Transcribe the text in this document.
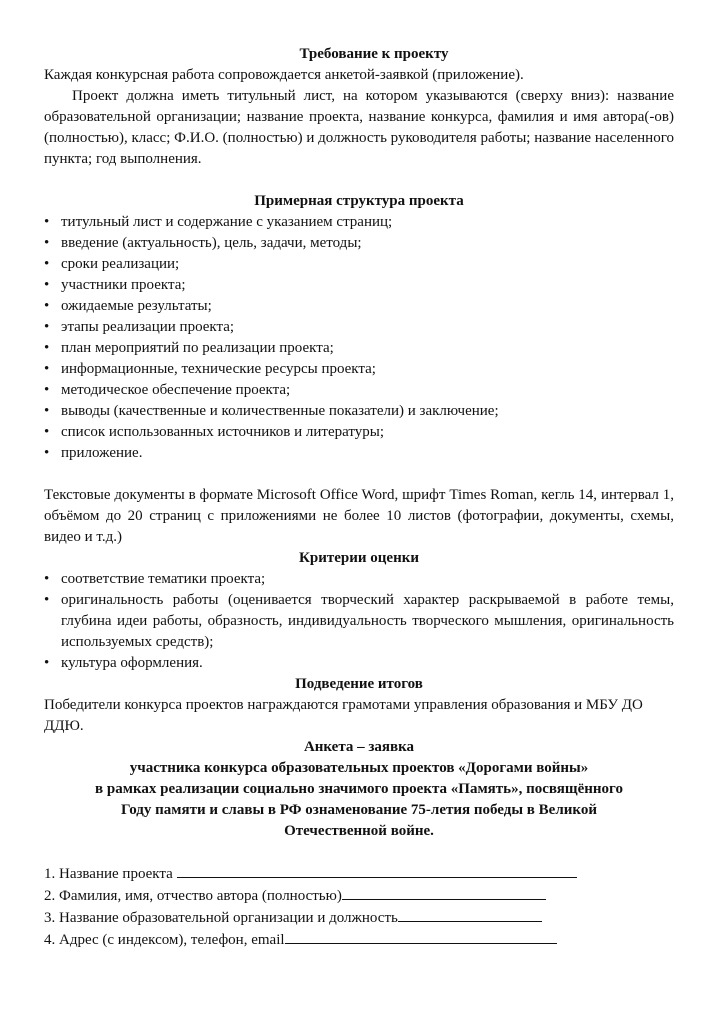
Требование к проекту
Каждая конкурсная работа сопровождается анкетой-заявкой (приложение).
Проект должна иметь титульный лист, на котором указываются (сверху вниз): название образовательной организации; название проекта, название конкурса, фамилия и имя автора(-ов) (полностью), класс; Ф.И.О. (полностью) и должность руководителя работы; название населенного пункта; год выполнения.
Примерная структура проекта
• титульный лист и содержание с указанием страниц;
• введение (актуальность), цель, задачи, методы;
• сроки реализации;
• участники проекта;
• ожидаемые результаты;
• этапы реализации проекта;
• план мероприятий по реализации проекта;
• информационные, технические ресурсы проекта;
• методическое обеспечение проекта;
• выводы (качественные и количественные показатели) и заключение;
• список использованных источников и литературы;
• приложение.
Текстовые документы в формате Microsoft Office Word, шрифт Times Roman, кегль 14, интервал 1, объёмом до 20 страниц с приложениями не более 10 листов (фотографии, документы, схемы, видео и т.д.)
Критерии оценки
• соответствие тематики проекта;
• оригинальность работы (оценивается творческий характер раскрываемой в работе темы, глубина идеи работы, образность, индивидуальность творческого мышления, оригинальность используемых средств);
• культура оформления.
Подведение итогов
Победители конкурса проектов награждаются грамотами управления образования и МБУ ДО ДДЮ.
Анкета – заявка
участника конкурса образовательных проектов «Дорогами войны»
в рамках реализации социально значимого проекта «Память», посвящённого
Году памяти и славы в РФ ознаменование 75-летия победы в Великой
Отечественной войне.
1. Название проекта
2. Фамилия, имя, отчество автора (полностью)
3. Название образовательной организации и должность
4. Адрес (с индексом), телефон, email
